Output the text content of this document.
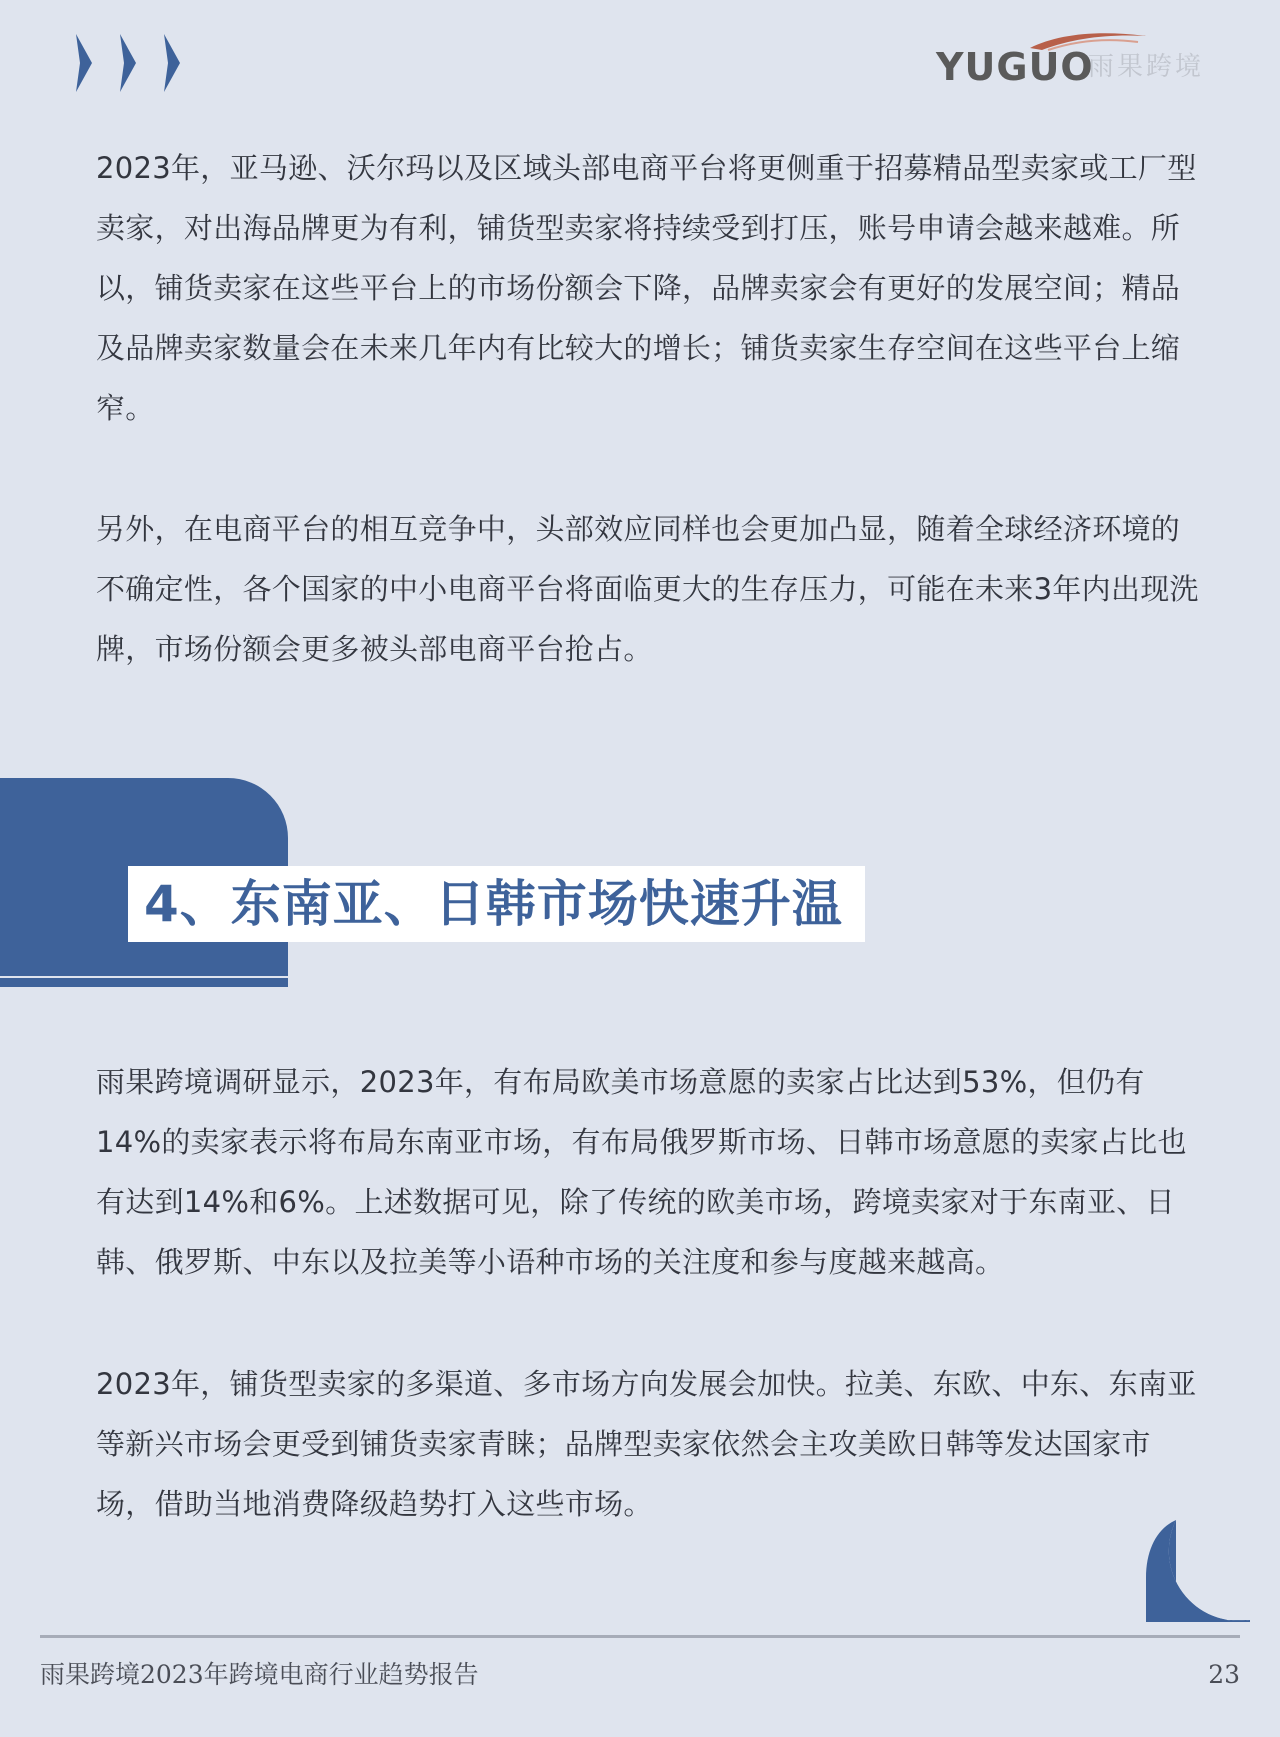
YUGUO
雨果跨境

2023年，亚马逊、沃尔玛以及区域头部电商平台将更侧重于招募精品型卖家或工厂型卖家，对出海品牌更为有利，铺货型卖家将持续受到打压，账号申请会越来越难。所以，铺货卖家在这些平台上的市场份额会下降，品牌卖家会有更好的发展空间；精品及品牌卖家数量会在未来几年内有比较大的增长；铺货卖家生存空间在这些平台上缩窄。

另外，在电商平台的相互竞争中，头部效应同样也会更加凸显，随着全球经济环境的不确定性，各个国家的中小电商平台将面临更大的生存压力，可能在未来3年内出现洗牌，市场份额会更多被头部电商平台抢占。

4、东南亚、日韩市场快速升温

雨果跨境调研显示，2023年，有布局欧美市场意愿的卖家占比达到53%，但仍有14%的卖家表示将布局东南亚市场，有布局俄罗斯市场、日韩市场意愿的卖家占比也有达到14%和6%。上述数据可见，除了传统的欧美市场，跨境卖家对于东南亚、日韩、俄罗斯、中东以及拉美等小语种市场的关注度和参与度越来越高。

2023年，铺货型卖家的多渠道、多市场方向发展会加快。拉美、东欧、中东、东南亚等新兴市场会更受到铺货卖家青睐；品牌型卖家依然会主攻美欧日韩等发达国家市场，借助当地消费降级趋势打入这些市场。

雨果跨境2023年跨境电商行业趋势报告	23
